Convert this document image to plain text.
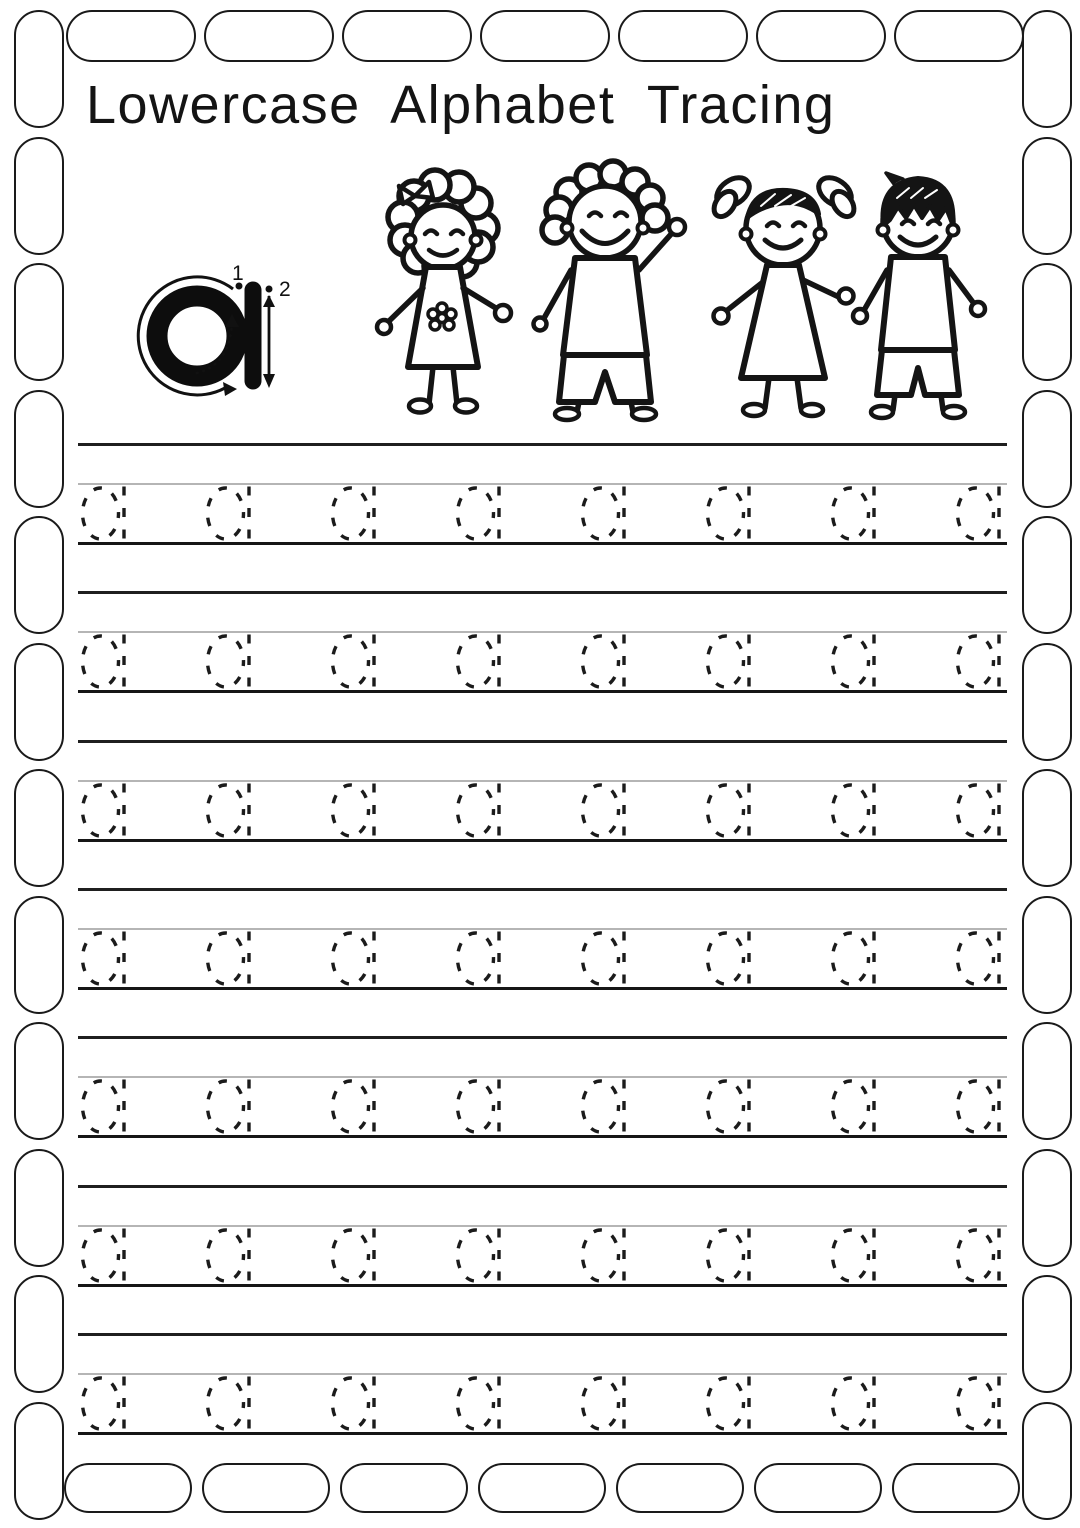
Lowercase Alphabet Tracing
1
2
